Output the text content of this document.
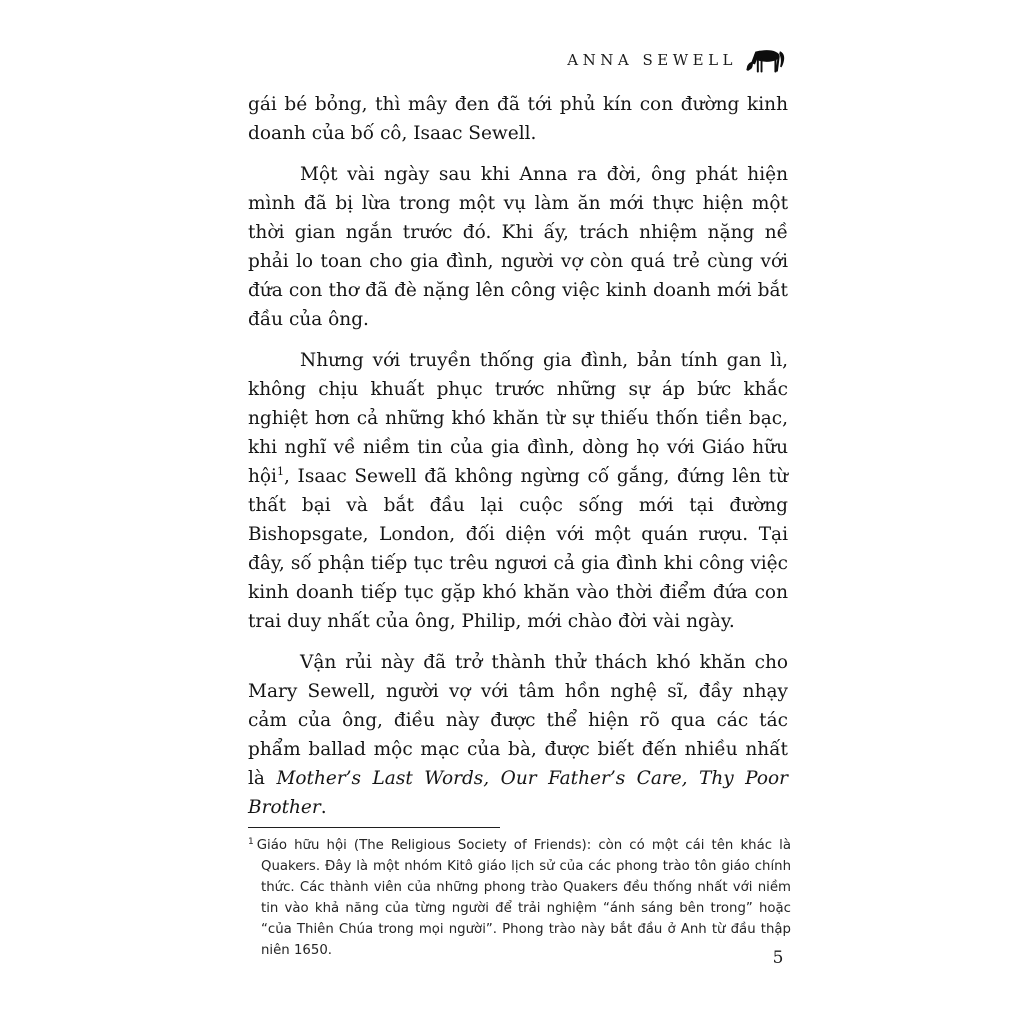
ANNA SEWELL

gái bé bỏng, thì mây đen đã tới phủ kín con đường kinh doanh của bố cô, Isaac Sewell.

Một vài ngày sau khi Anna ra đời, ông phát hiện mình đã bị lừa trong một vụ làm ăn mới thực hiện một thời gian ngắn trước đó. Khi ấy, trách nhiệm nặng nề phải lo toan cho gia đình, người vợ còn quá trẻ cùng với đứa con thơ đã đè nặng lên công việc kinh doanh mới bắt đầu của ông.

Nhưng với truyền thống gia đình, bản tính gan lì, không chịu khuất phục trước những sự áp bức khắc nghiệt hơn cả những khó khăn từ sự thiếu thốn tiền bạc, khi nghĩ về niềm tin của gia đình, dòng họ với Giáo hữu hội$^1$, Isaac Sewell đã không ngừng cố gắng, đứng lên từ thất bại và bắt đầu lại cuộc sống mới tại đường Bishopsgate, London, đối diện với một quán rượu. Tại đây, số phận tiếp tục trêu ngươi cả gia đình khi công việc kinh doanh tiếp tục gặp khó khăn vào thời điểm đứa con trai duy nhất của ông, Philip, mới chào đời vài ngày.

Vận rủi này đã trở thành thử thách khó khăn cho Mary Sewell, người vợ với tâm hồn nghệ sĩ, đầy nhạy cảm của ông, điều này được thể hiện rõ qua các tác phẩm ballad mộc mạc của bà, được biết đến nhiều nhất là Mother’s Last Words, Our Father’s Care, Thy Poor Brother.

$^1$ Giáo hữu hội (The Religious Society of Friends): còn có một cái tên khác là Quakers. Đây là một nhóm Kitô giáo lịch sử của các phong trào tôn giáo chính thức. Các thành viên của những phong trào Quakers đều thống nhất với niềm tin vào khả năng của từng người để trải nghiệm “ánh sáng bên trong” hoặc “của Thiên Chúa trong mọi người”. Phong trào này bắt đầu ở Anh từ đầu thập niên 1650.	5
